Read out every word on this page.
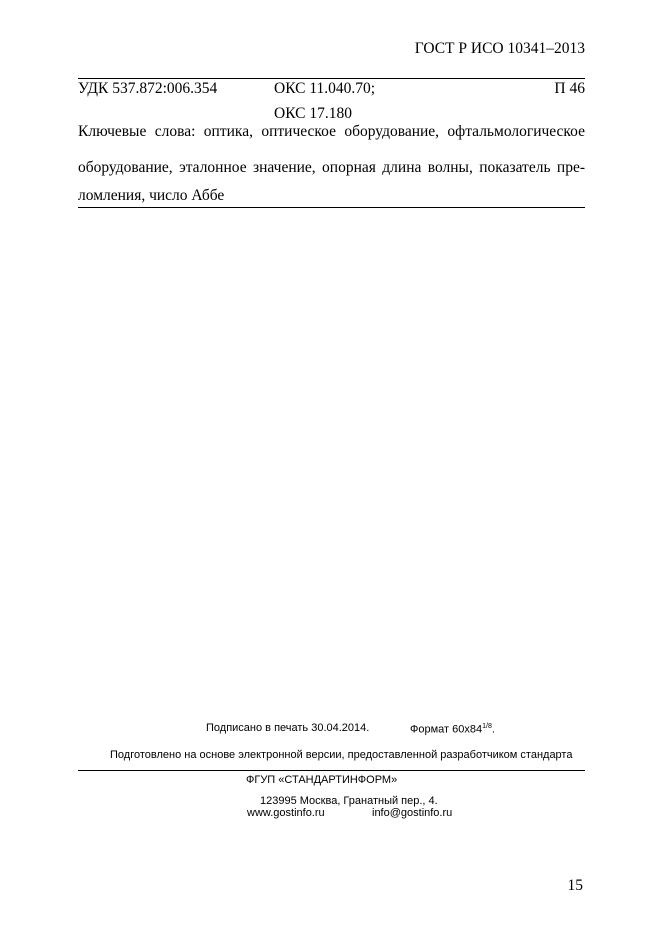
ГОСТ Р ИСО 10341–2013
УДК 537.872:006.354	ОКС 11.040.70;	П 46
ОКС 17.180
Ключевые слова: оптика, оптическое оборудование, офтальмологическое
оборудование, эталонное значение, опорная длина волны, показатель пре-
ломления, число Аббе
Подписано в печать 30.04.2014.	Формат $60х84^{1/8}$.
Подготовлено на основе электронной версии, предоставленной разработчиком стандарта
ФГУП «СТАНДАРТИНФОРМ»
123995 Москва, Гранатный пер., 4.
www.gostinfo.ru	info@gostinfo.ru
15
